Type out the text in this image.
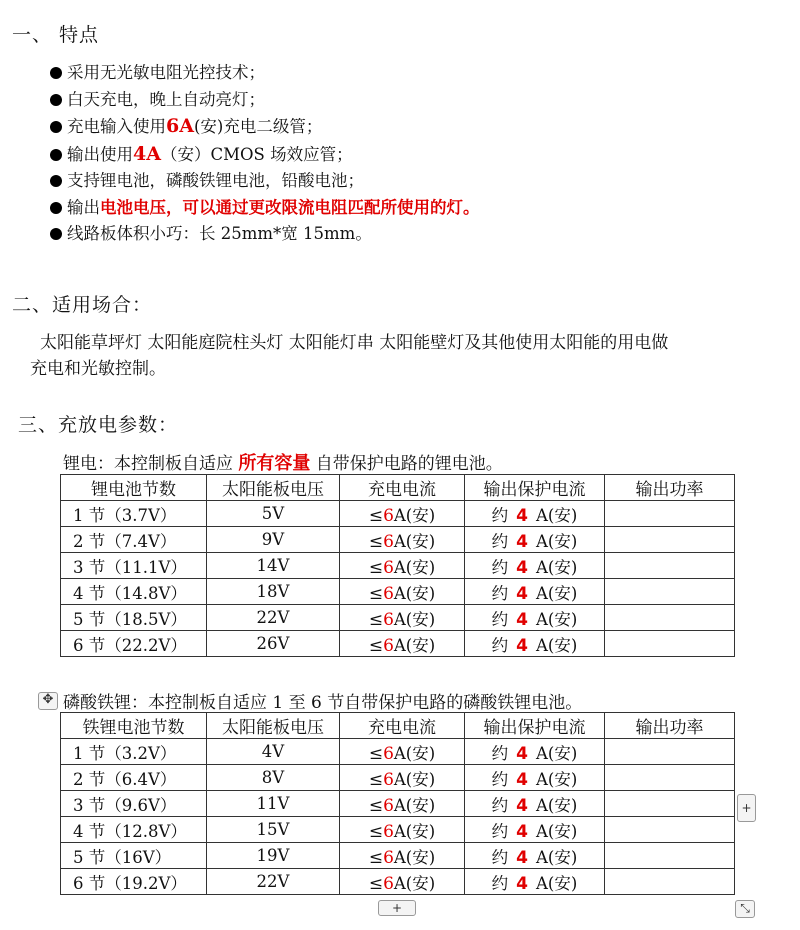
一、 特点
采用无光敏电阻光控技术；
白天充电，晚上自动亮灯；
充电输入使用6A(安)充电二级管；
输出使用4A（安）CMOS 场效应管；
支持锂电池，磷酸铁锂电池，铅酸电池；
输出电池电压，可以通过更改限流电阻匹配所使用的灯。
线路板体积小巧：长 25mm*宽 15mm。
二、适用场合：
太阳能草坪灯 太阳能庭院柱头灯 太阳能灯串 太阳能壁灯及其他使用太阳能的用电做
充电和光敏控制。
三、充放电参数：
锂电：本控制板自适应 所有容量 自带保护电路的锂电池。
锂电池节数	太阳能板电压	充电电流	输出保护电流	输出功率
1 节（3.7V）	5V	≤6A(安)	约 4 A(安)	
2 节（7.4V）	9V	≤6A(安)	约 4 A(安)	
3 节（11.1V）	14V	≤6A(安)	约 4 A(安)	
4 节（14.8V）	18V	≤6A(安)	约 4 A(安)	
5 节（18.5V）	22V	≤6A(安)	约 4 A(安)	
6 节（22.2V）	26V	≤6A(安)	约 4 A(安)	
✥ 磷酸铁锂：本控制板自适应 1 至 6 节自带保护电路的磷酸铁锂电池。
铁锂电池节数	太阳能板电压	充电电流	输出保护电流	输出功率
1 节（3.2V）	4V	≤6A(安)	约 4 A(安)	
2 节（6.4V）	8V	≤6A(安)	约 4 A(安)	
3 节（9.6V）	11V	≤6A(安)	约 4 A(安)	
4 节（12.8V）	15V	≤6A(安)	约 4 A(安)	
5 节（16V）	19V	≤6A(安)	约 4 A(安)	
6 节（19.2V）	22V	≤6A(安)	约 4 A(安)	
+
+	⤡
